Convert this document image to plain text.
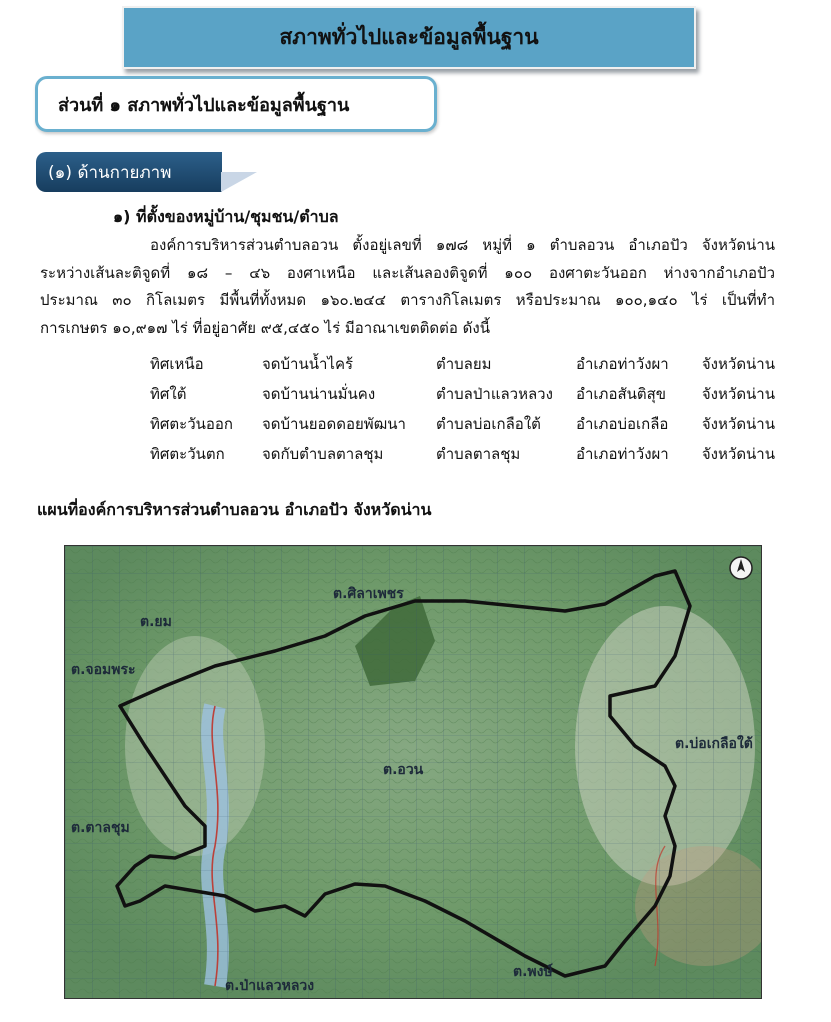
สภาพทั่วไปและข้อมูลพื้นฐาน
ส่วนที่ ๑ สภาพทั่วไปและข้อมูลพื้นฐาน
(๑) ด้านกายภาพ
๑) ที่ตั้งของหมู่บ้าน/ชุมชน/ตำบล
องค์การบริหารส่วนตำบลอวน ตั้งอยู่เลขที่ ๑๗๘ หมู่ที่ ๑ ตำบลอวน อำเภอปัว จังหวัดน่าน
ระหว่างเส้นละติจูดที่ ๑๘ – ๔๖ องศาเหนือ และเส้นลองติจูดที่ ๑๐๐ องศาตะวันออก ห่างจากอำเภอปัว
ประมาณ ๓๐ กิโลเมตร มีพื้นที่ทั้งหมด ๑๖๐.๒๔๔ ตารางกิโลเมตร หรือประมาณ ๑๐๐,๑๔๐ ไร่ เป็นที่ทำ
การเกษตร ๑๐,๙๑๗ ไร่ ที่อยู่อาศัย ๙๕,๔๕๐ ไร่ มีอาณาเขตติดต่อ ดังนี้
ทิศเหนือ	จดบ้านน้ำไคร้	ตำบลยม	อำเภอท่าวังผา	จังหวัดน่าน
ทิศใต้	จดบ้านน่านมั่นคง	ตำบลป่าแลวหลวง	อำเภอสันติสุข	จังหวัดน่าน
ทิศตะวันออก	จดบ้านยอดดอยพัฒนา	ตำบลบ่อเกลือใต้	อำเภอบ่อเกลือ	จังหวัดน่าน
ทิศตะวันตก	จดกับตำบลตาลชุม	ตำบลตาลชุม	อำเภอท่าวังผา	จังหวัดน่าน
แผนที่องค์การบริหารส่วนตำบลอวน อำเภอปัว จังหวัดน่าน
ต.ศิลาเพชร
ต.ยม
ต.จอมพระ
ต.บ่อเกลือใต้
ต.อวน
ต.ตาลชุม
ต.ป่าแลวหลวง
ต.พงษ์
